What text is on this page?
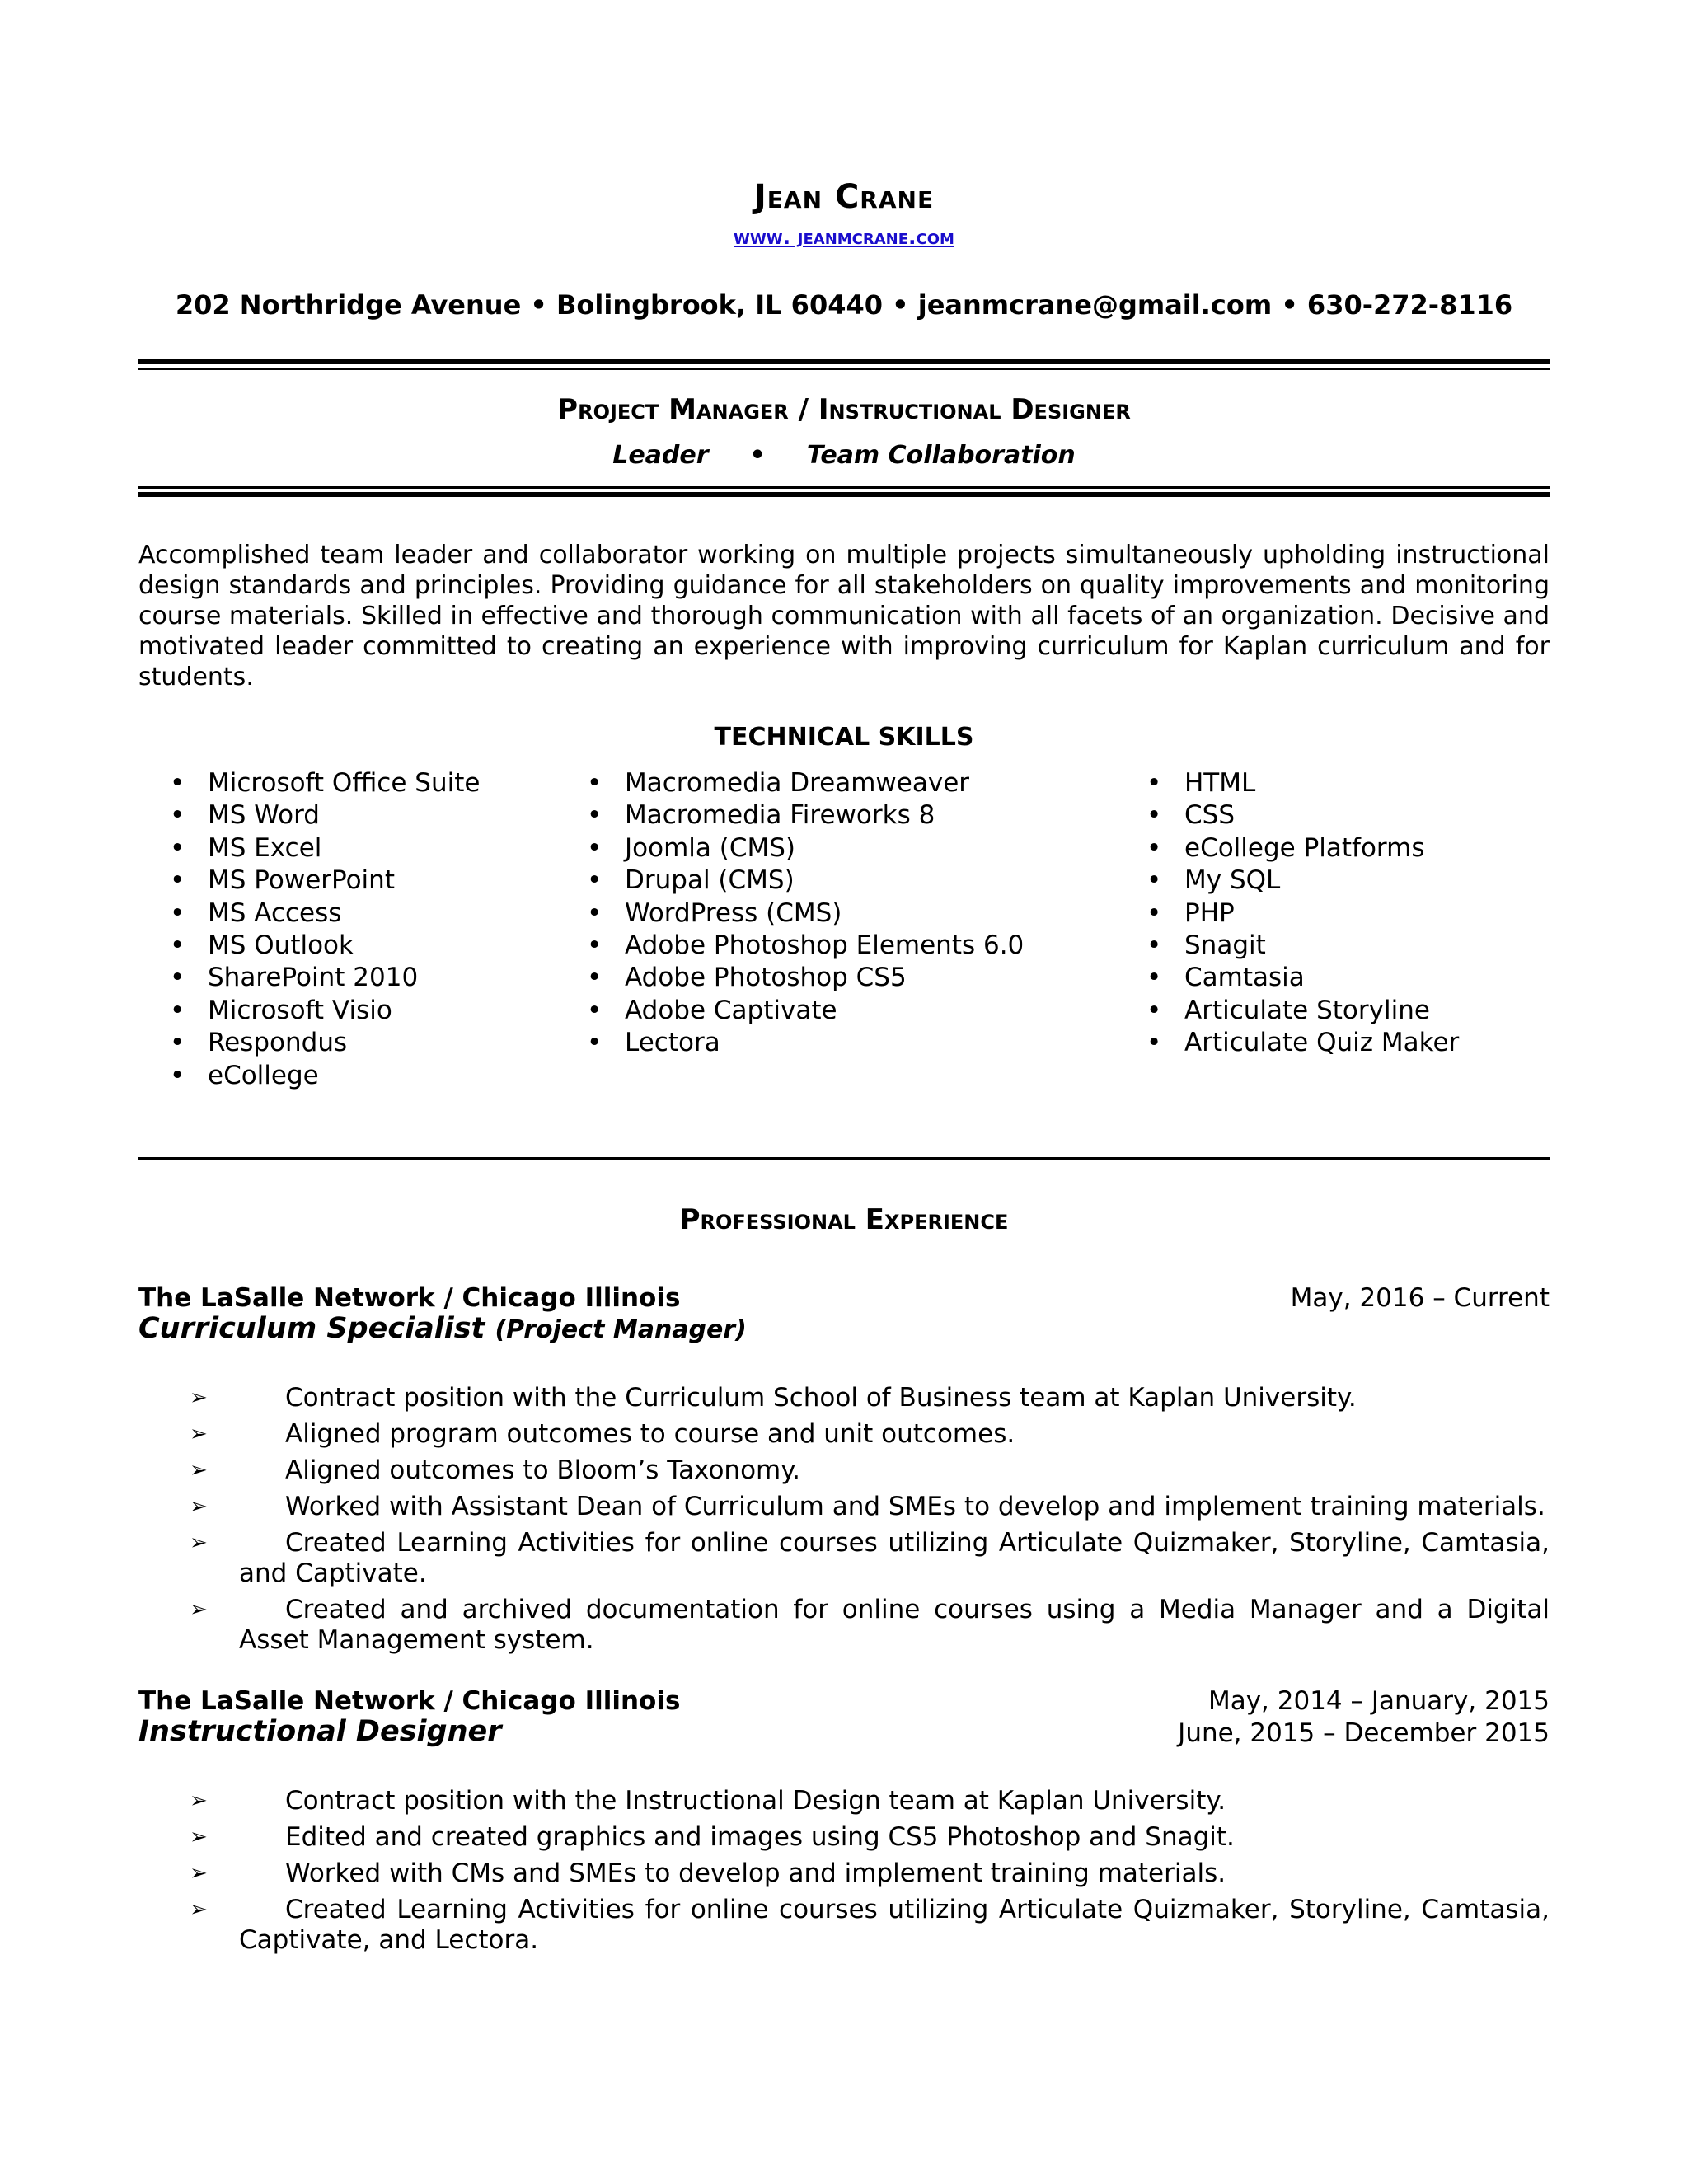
Jean Crane
www. jeanmcrane.com
202 Northridge Avenue • Bolingbrook, IL 60440 • jeanmcrane@gmail.com • 630-272-8116
Project Manager / Instructional Designer
Leader • Team Collaboration
Accomplished team leader and collaborator working on multiple projects simultaneously upholding instructional design standards and principles. Providing guidance for all stakeholders on quality improvements and monitoring course materials. Skilled in effective and thorough communication with all facets of an organization. Decisive and motivated leader committed to creating an experience with improving curriculum for Kaplan curriculum and for students.
TECHNICAL SKILLS
• Microsoft Office Suite
• MS Word
• MS Excel
• MS PowerPoint
• MS Access
• MS Outlook
• SharePoint 2010
• Microsoft Visio
• Respondus
• eCollege
• Macromedia Dreamweaver
• Macromedia Fireworks 8
• Joomla (CMS)
• Drupal (CMS)
• WordPress (CMS)
• Adobe Photoshop Elements 6.0
• Adobe Photoshop CS5
• Adobe Captivate
• Lectora
• HTML
• CSS
• eCollege Platforms
• My SQL
• PHP
• Snagit
• Camtasia
• Articulate Storyline
• Articulate Quiz Maker
Professional Experience
The LaSalle Network / Chicago Illinois	May, 2016 – Current
Curriculum Specialist (Project Manager)
➢	Contract position with the Curriculum School of Business team at Kaplan University.
➢	Aligned program outcomes to course and unit outcomes.
➢	Aligned outcomes to Bloom’s Taxonomy.
➢	Worked with Assistant Dean of Curriculum and SMEs to develop and implement training materials.
➢	Created Learning Activities for online courses utilizing Articulate Quizmaker, Storyline, Camtasia, and Captivate.
➢	Created and archived documentation for online courses using a Media Manager and a Digital Asset Management system.
The LaSalle Network / Chicago Illinois	May, 2014 – January, 2015
June, 2015 – December 2015
Instructional Designer
➢	Contract position with the Instructional Design team at Kaplan University.
➢	Edited and created graphics and images using CS5 Photoshop and Snagit.
➢	Worked with CMs and SMEs to develop and implement training materials.
➢	Created Learning Activities for online courses utilizing Articulate Quizmaker, Storyline, Camtasia, Captivate, and Lectora.
